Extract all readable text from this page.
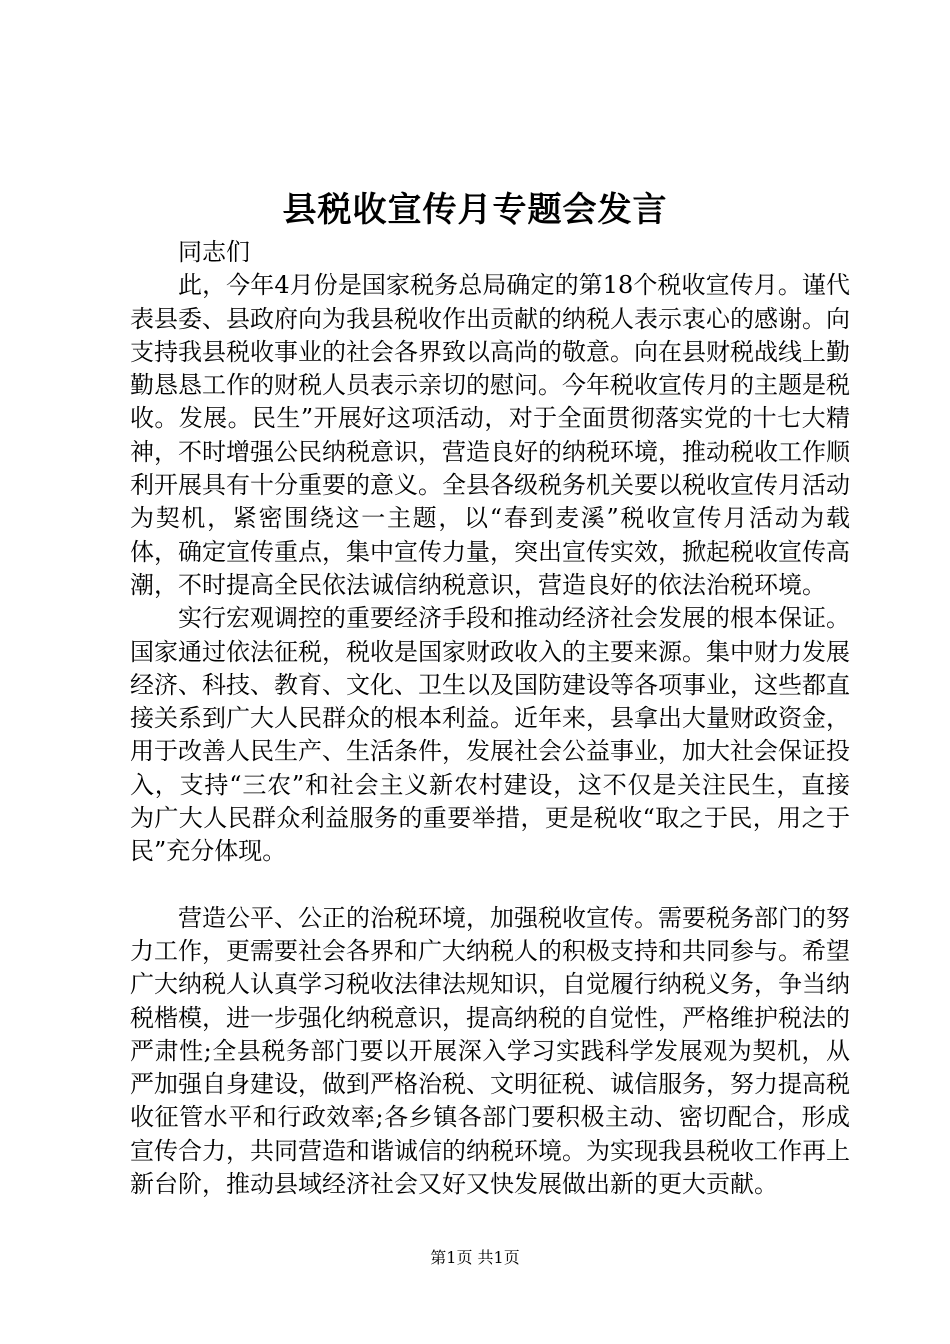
县税收宣传月专题会发言

同志们

此，今年4月份是国家税务总局确定的第18个税收宣传月。谨代表县委、县政府向为我县税收作出贡献的纳税人表示衷心的感谢。向支持我县税收事业的社会各界致以高尚的敬意。向在县财税战线上勤勤恳恳工作的财税人员表示亲切的慰问。今年税收宣传月的主题是税收。发展。民生”开展好这项活动，对于全面贯彻落实党的十七大精神，不时增强公民纳税意识，营造良好的纳税环境，推动税收工作顺利开展具有十分重要的意义。全县各级税务机关要以税收宣传月活动为契机，紧密围绕这一主题，以“春到麦溪”税收宣传月活动为载体，确定宣传重点，集中宣传力量，突出宣传实效，掀起税收宣传高潮，不时提高全民依法诚信纳税意识，营造良好的依法治税环境。

实行宏观调控的重要经济手段和推动经济社会发展的根本保证。国家通过依法征税，税收是国家财政收入的主要来源。集中财力发展经济、科技、教育、文化、卫生以及国防建设等各项事业，这些都直接关系到广大人民群众的根本利益。近年来，县拿出大量财政资金，用于改善人民生产、生活条件，发展社会公益事业，加大社会保证投入，支持“三农”和社会主义新农村建设，这不仅是关注民生，直接为广大人民群众利益服务的重要举措，更是税收“取之于民，用之于民”充分体现。

营造公平、公正的治税环境，加强税收宣传。需要税务部门的努力工作，更需要社会各界和广大纳税人的积极支持和共同参与。希望广大纳税人认真学习税收法律法规知识，自觉履行纳税义务，争当纳税楷模，进一步强化纳税意识，提高纳税的自觉性，严格维护税法的严肃性;全县税务部门要以开展深入学习实践科学发展观为契机，从严加强自身建设，做到严格治税、文明征税、诚信服务，努力提高税收征管水平和行政效率;各乡镇各部门要积极主动、密切配合，形成宣传合力，共同营造和谐诚信的纳税环境。为实现我县税收工作再上新台阶，推动县域经济社会又好又快发展做出新的更大贡献。

第1页 共1页
